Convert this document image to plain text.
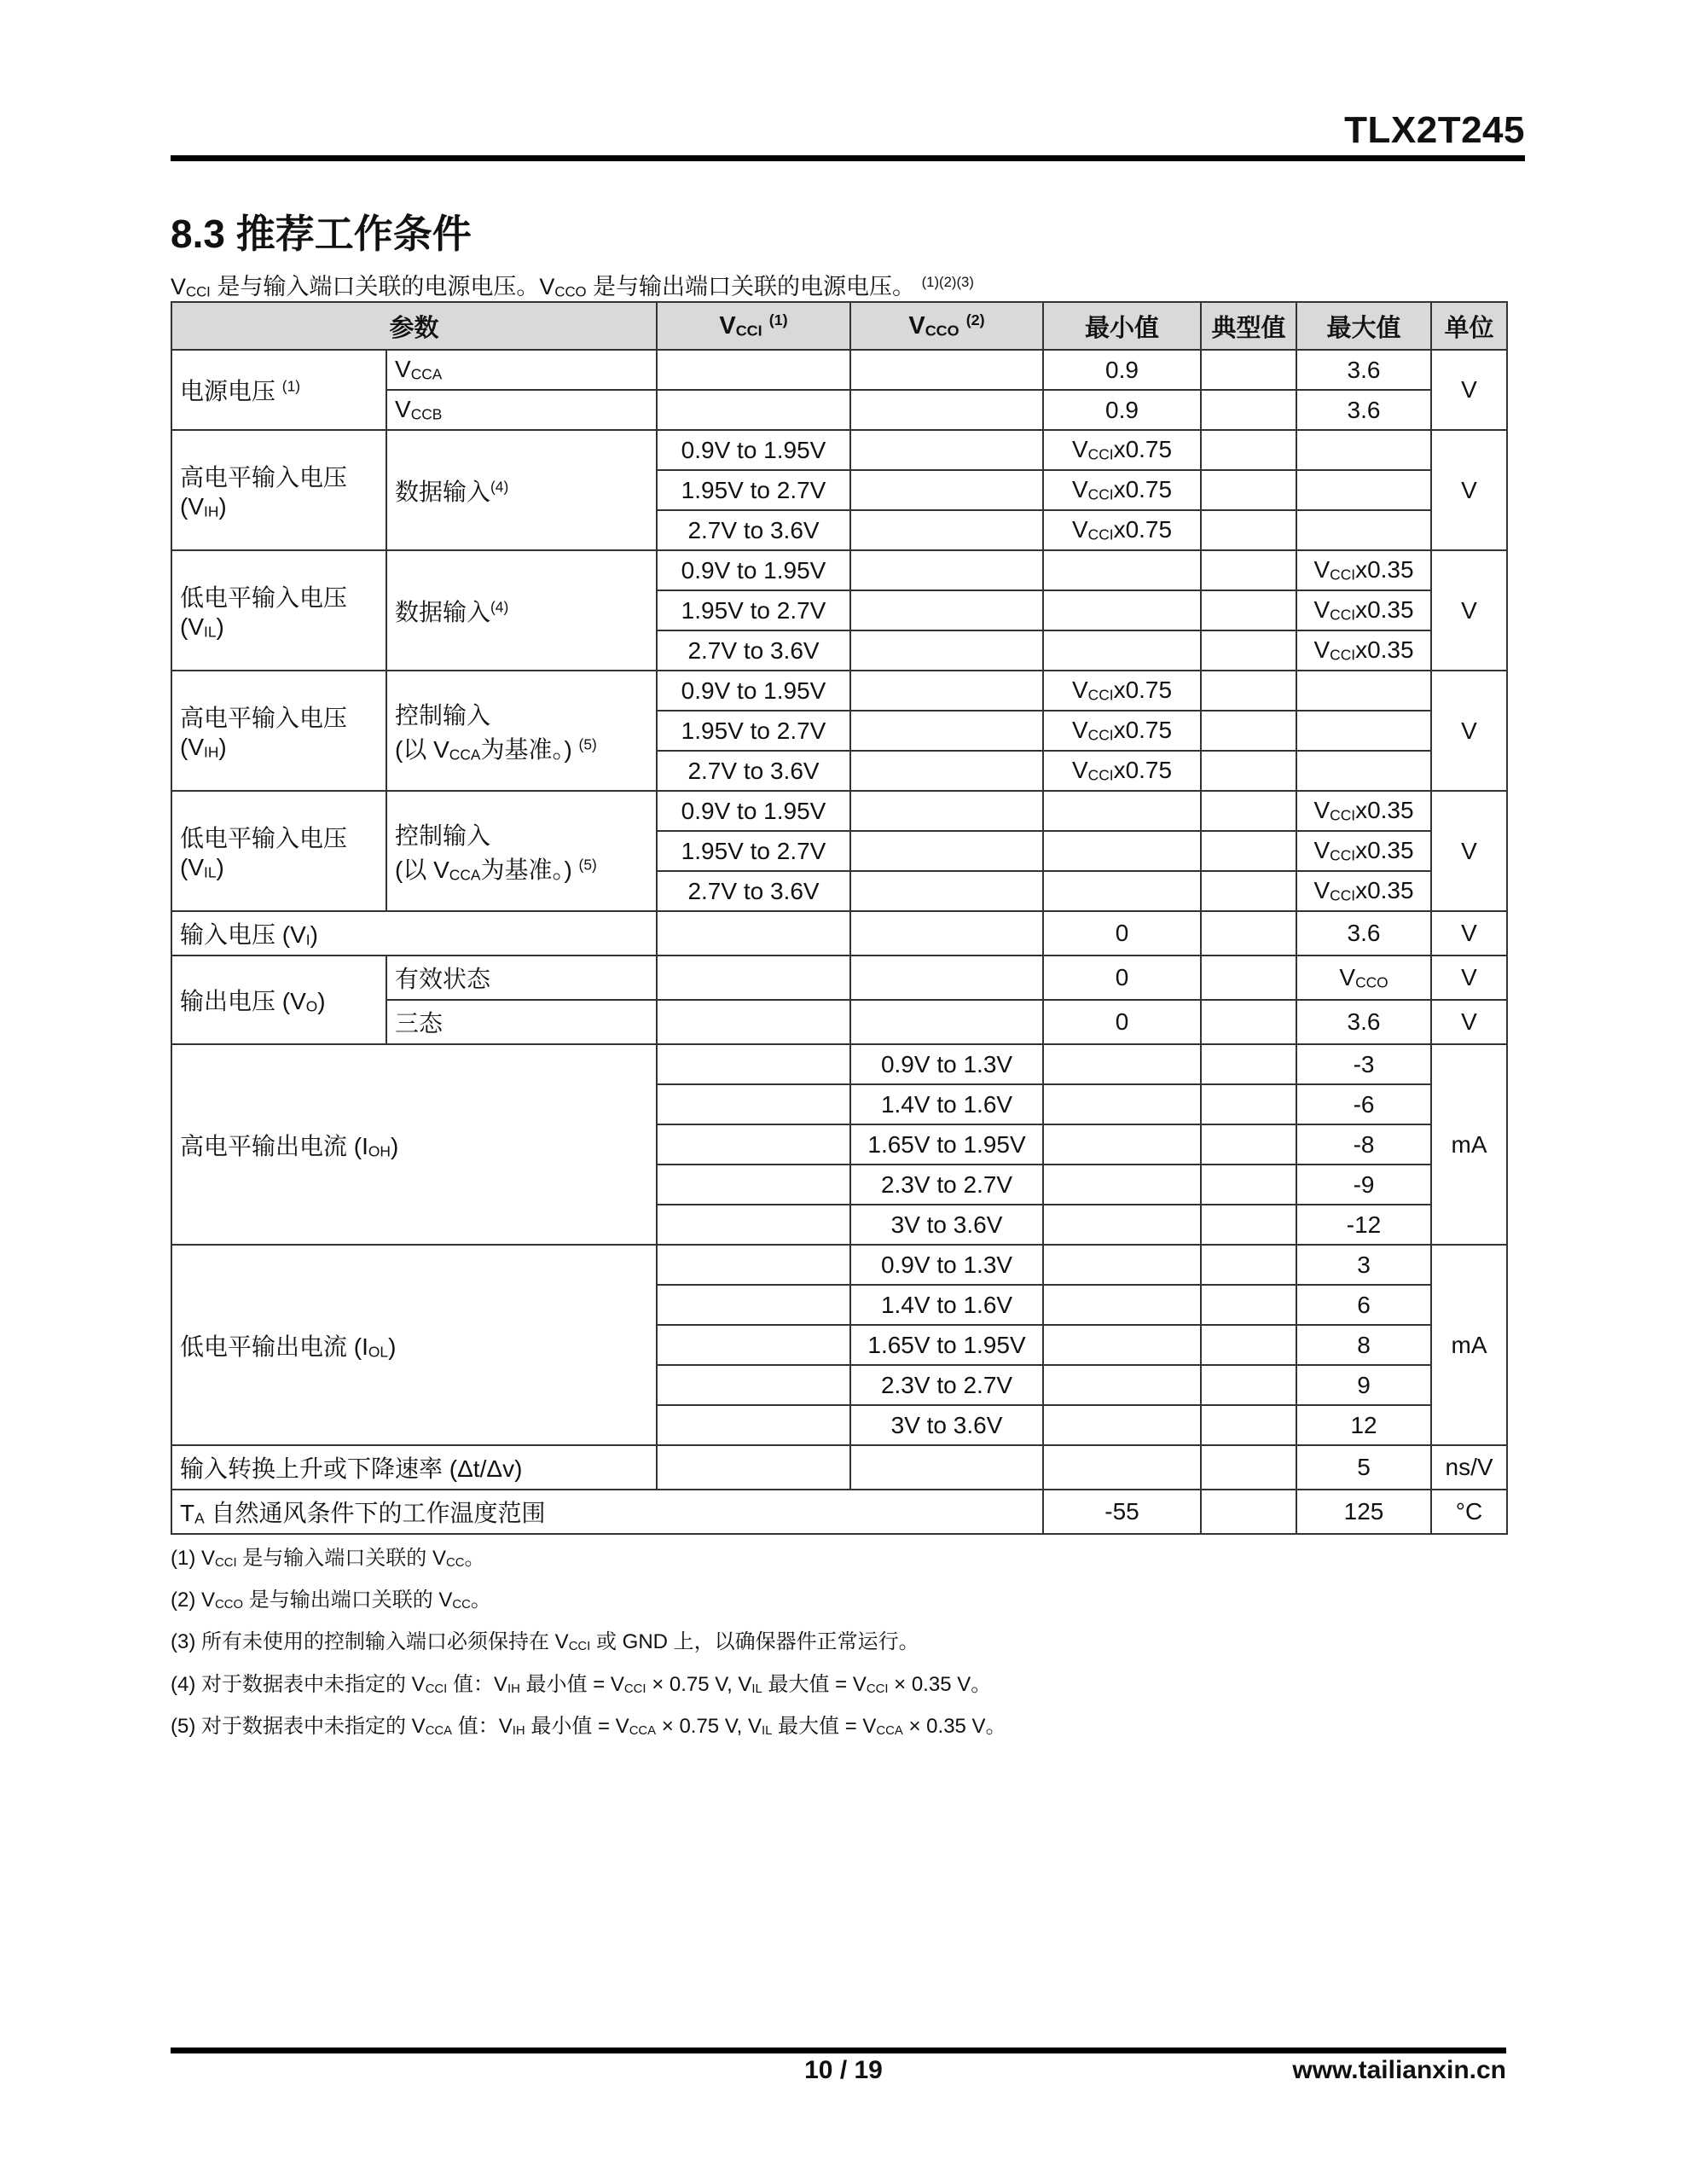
TLX2T245
8.3 推荐工作条件
$V_{CCI}$ 是与输入端口关联的电源电压。$V_{CCO}$ 是与输出端口关联的电源电压。 $^{(1)(2)(3)}$
参数		$V_{CCI}$ $^{(1)}$	$V_{CCO}$ $^{(2)}$	最小值	典型值	最大值	单位
电源电压 $^{(1)}$	$V_{CCA}$			0.9		3.6	V
	$V_{CCB}$			0.9		3.6	
高电平输入电压
$(V_{IH})$	数据输入$^{(4)}$	0.9V to 1.95V		$V_{CCI}x0.75$			V
		1.95V to 2.7V		$V_{CCI}x0.75$			
		2.7V to 3.6V		$V_{CCI}x0.75$			
低电平输入电压
$(V_{IL})$	数据输入$^{(4)}$	0.9V to 1.95V				$V_{CCI}x0.35$	V
		1.95V to 2.7V				$V_{CCI}x0.35$	
		2.7V to 3.6V				$V_{CCI}x0.35$	
高电平输入电压
$(V_{IH})$	控制输入
(以 $V_{CCA}$为基准。) $^{(5)}$	0.9V to 1.95V		$V_{CCI}x0.75$			V
		1.95V to 2.7V		$V_{CCI}x0.75$			
		2.7V to 3.6V		$V_{CCI}x0.75$			
低电平输入电压
$(V_{IL})$	控制输入
(以 $V_{CCA}$为基准。) $^{(5)}$	0.9V to 1.95V				$V_{CCI}x0.35$	V
		1.95V to 2.7V				$V_{CCI}x0.35$	
		2.7V to 3.6V				$V_{CCI}x0.35$	
输入电压 $(V_I)$				0		3.6	V
输出电压 $(V_O)$	有效状态			0		$V_{CCO}$	V
	三态			0		3.6	V
高电平输出电流 $(I_{OH})$			0.9V to 1.3V			-3	mA
			1.4V to 1.6V			-6	
			1.65V to 1.95V			-8	
			2.3V to 2.7V			-9	
			3V to 3.6V			-12	
低电平输出电流 $(I_{OL})$			0.9V to 1.3V			3	mA
			1.4V to 1.6V			6	
			1.65V to 1.95V			8	
			2.3V to 2.7V			9	
			3V to 3.6V			12	
输入转换上升或下降速率 (Δt/Δv)						5	ns/V
$T_A$ 自然通风条件下的工作温度范围				-55		125	°C
(1) $V_{CCI}$ 是与输入端口关联的 $V_{CC}$。
(2) $V_{CCO}$ 是与输出端口关联的 $V_{CC}$。
(3) 所有未使用的控制输入端口必须保持在 $V_{CCI}$ 或 GND 上，以确保器件正常运行。
(4) 对于数据表中未指定的 $V_{CCI}$ 值：$V_{IH}$ 最小值 = $V_{CCI} \times 0.75$ V, $V_{IL}$ 最大值 = $V_{CCI} \times 0.35$ V。
(5) 对于数据表中未指定的 $V_{CCA}$ 值：$V_{IH}$ 最小值 = $V_{CCA} \times 0.75$ V, $V_{IL}$ 最大值 = $V_{CCA} \times 0.35$ V。
10 / 19	www.tailianxin.cn
